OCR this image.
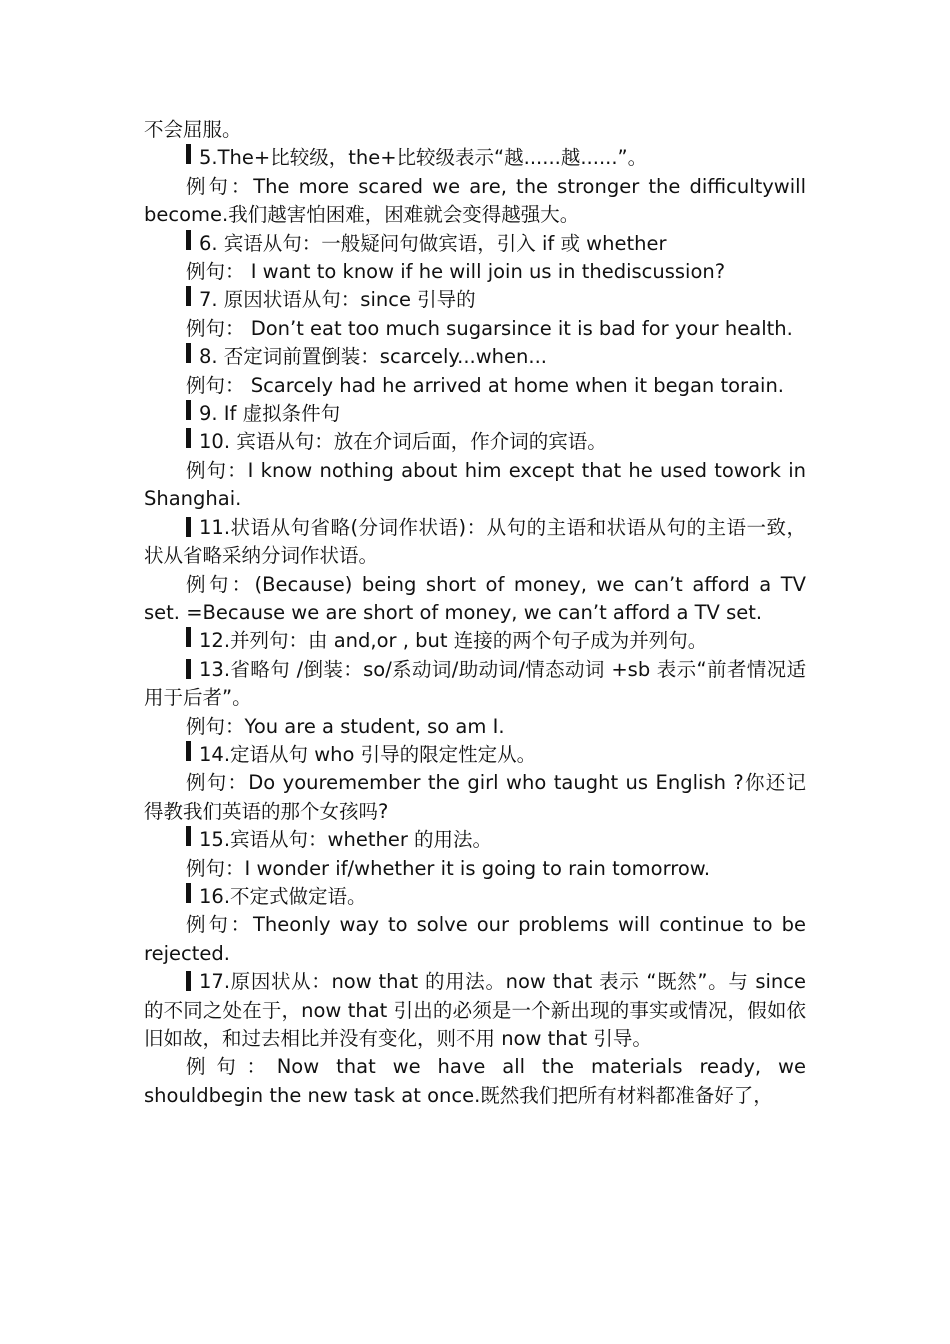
不会屈服。

5.The+比较级，the+比较级表示“越......越......”。

例句：The more scared we are, the stronger the difficultywill become.我们越害怕困难，困难就会变得越强大。

6. 宾语从句：一般疑问句做宾语，引入 if 或 whether

例句： I want to know if he will join us in thediscussion?

7. 原因状语从句：since 引导的

例句： Don’t eat too much sugarsince it is bad for your health.

8. 否定词前置倒装：scarcely...when...

例句： Scarcely had he arrived at home when it began torain.

9. If 虚拟条件句

10. 宾语从句：放在介词后面，作介词的宾语。

例句：I know nothing about him except that he used towork in Shanghai.

11.状语从句省略(分词作状语)：从句的主语和状语从句的主语一致，状从省略采纳分词作状语。

例句：(Because) being short of money, we can’t afford a TV set. =Because we are short of money, we can’t afford a TV set.

12.并列句：由 and,or , but 连接的两个句子成为并列句。

13.省略句 /倒装：so/系动词/助动词/情态动词 +sb 表示“前者情况适用于后者”。

例句：You are a student, so am I.

14.定语从句 who 引导的限定性定从。

例句：Do youremember the girl who taught us English ?你还记得教我们英语的那个女孩吗?

15.宾语从句：whether 的用法。

例句：I wonder if/whether it is going to rain tomorrow.

16.不定式做定语。

例句：Theonly way to solve our problems will continue to be rejected.

17.原因状从：now that 的用法。now that 表示 “既然”。与 since 的不同之处在于，now that 引出的必须是一个新出现的事实或情况，假如依旧如故，和过去相比并没有变化，则不用 now that 引导。

例句：Now that we have all the materials ready, we shouldbegin the new task at once.既然我们把所有材料都准备好了，
